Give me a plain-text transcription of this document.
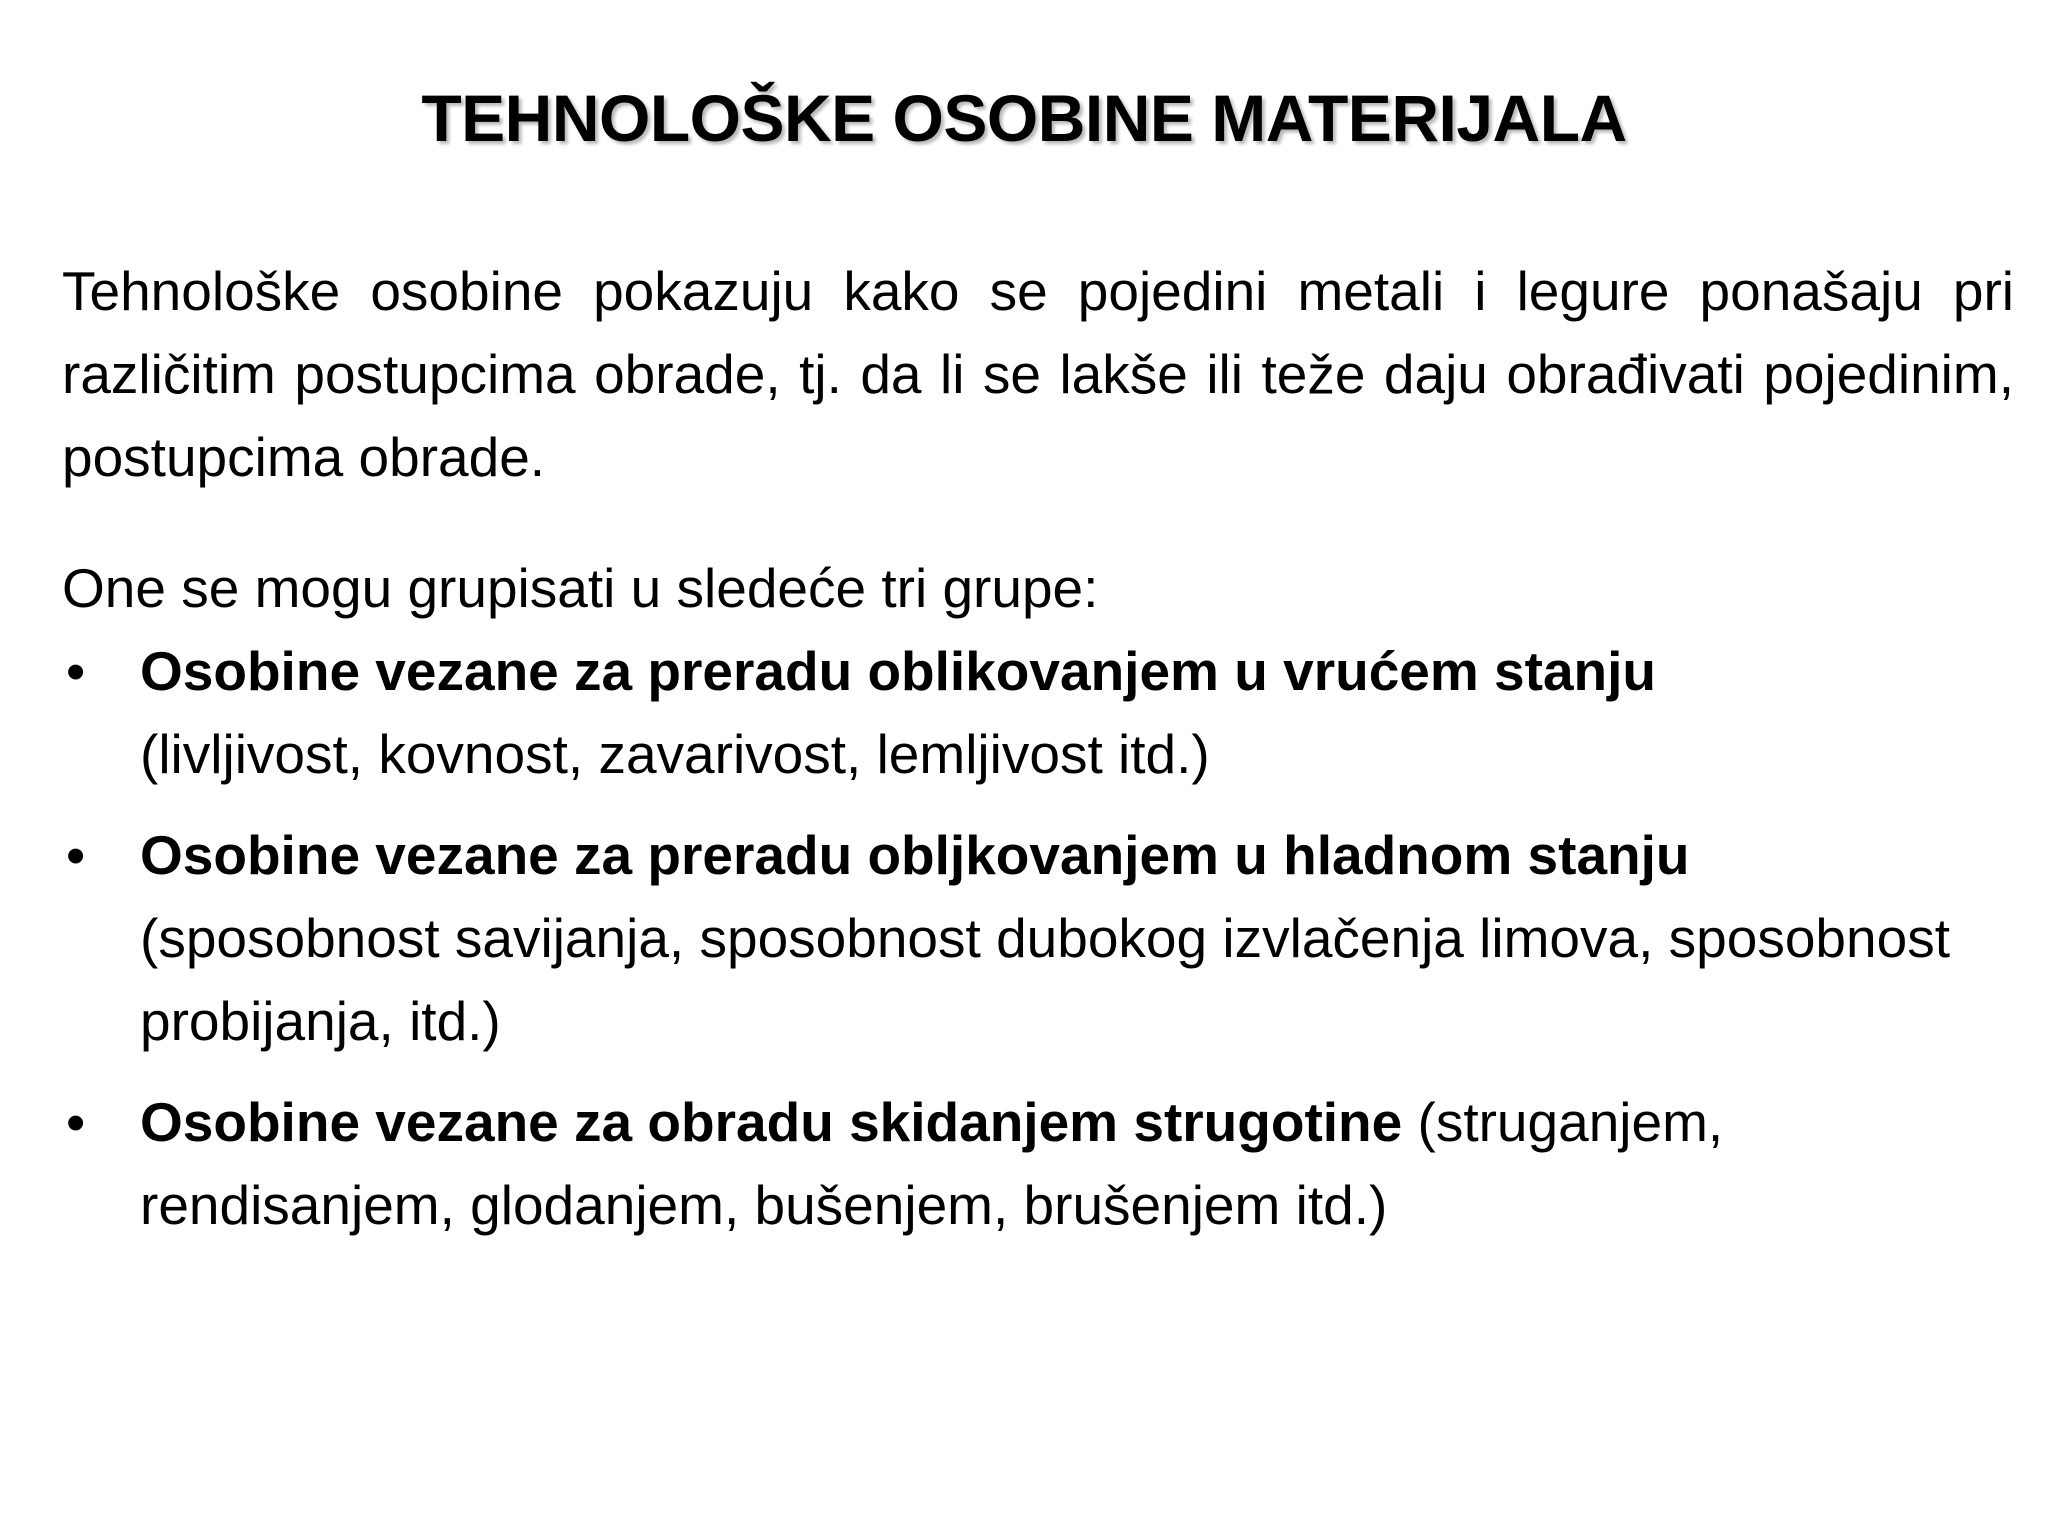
TEHNOLOŠKE OSOBINE MATERIJALA

Tehnološke osobine pokazuju kako se pojedini metali i legure ponašaju pri različitim postupcima obrade, tj. da li se lakše ili teže daju obrađivati pojedinim, postupcima obrade.

One se mogu grupisati u sledeće tri grupe:

• Osobine vezane za preradu oblikovanjem u vrućem stanju
(livljivost, kovnost, zavarivost, lemljivost itd.)
• Osobine vezane za preradu obljkovanjem u hladnom stanju
(sposobnost savijanja, sposobnost dubokog izvlačenja limova, sposobnost probijanja, itd.)
• Osobine vezane za obradu skidanjem strugotine (struganjem, rendisanjem, glodanjem, bušenjem, brušenjem itd.)
